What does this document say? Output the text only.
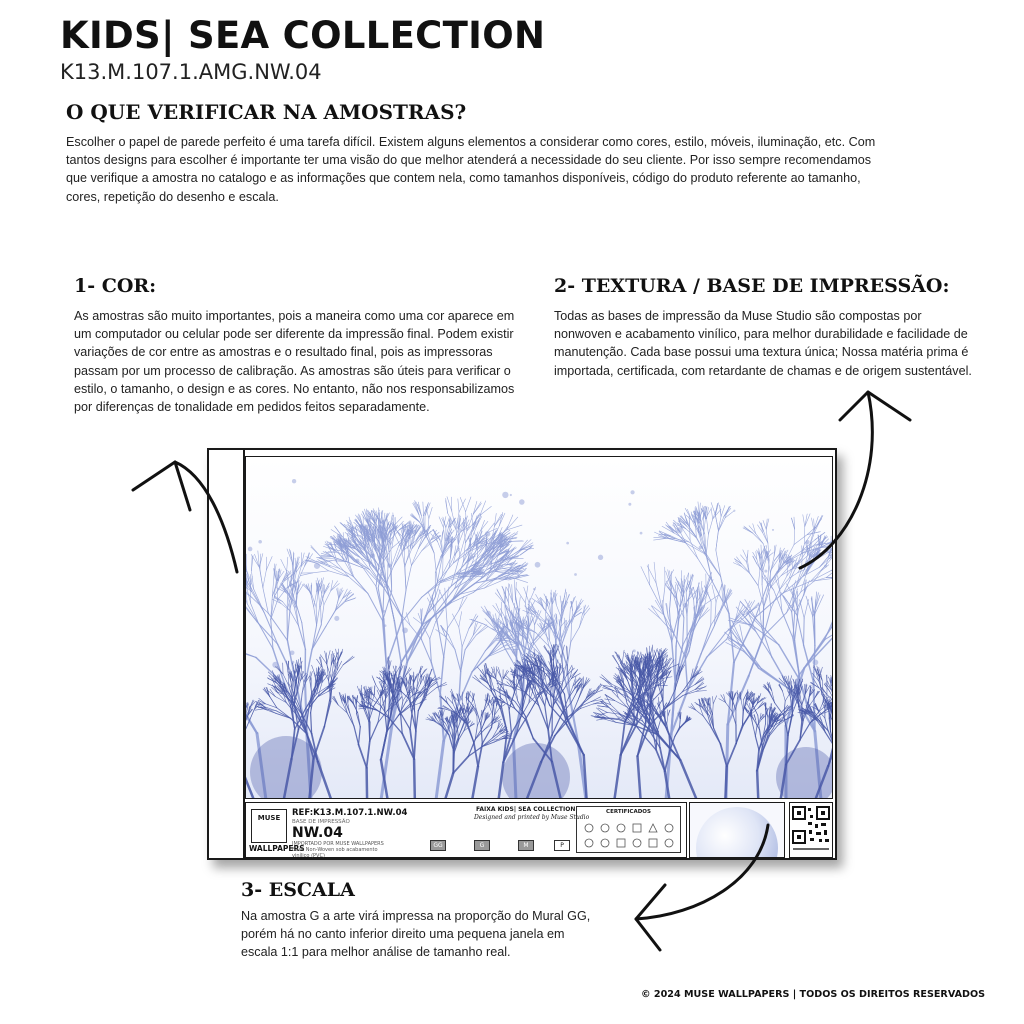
KIDS| SEA COLLECTION
K13.M.107.1.AMG.NW.04
O QUE VERIFICAR NA AMOSTRAS?

Escolher o papel de parede perfeito é uma tarefa difícil. Existem alguns elementos a considerar como cores, estilo, móveis, iluminação, etc. Com tantos designs para escolher é importante ter uma visão do que melhor atenderá a necessidade do seu cliente. Por isso sempre recomendamos que verifique a amostra no catalogo e as informações que contem nela, como tamanhos disponíveis, código do produto referente ao tamanho, cores, repetição do desenho e escala.

1- COR:

As amostras são muito importantes, pois a maneira como uma cor aparece em um computador ou celular pode ser diferente da impressão final. Podem existir variações de cor entre as amostras e o resultado final, pois as impressoras passam por um processo de calibração. As amostras são úteis para verificar o estilo, o tamanho, o design e as cores. No entanto, não nos responsabilizamos por diferenças de tonalidade em pedidos feitos separadamente.

2- TEXTURA / BASE DE IMPRESSÃO:

Todas as bases de impressão da Muse Studio são compostas por nonwoven e acabamento vinílico, para melhor durabilidade e facilidade de manutenção. Cada base possui uma textura única; Nossa matéria prima é importada, certificada, com retardante de chamas e de origem sustentável.

MUSE
WALLPAPERS
REF:K13.M.107.1.NW.04
BASE DE IMPRESSÃO
NW.04
IMPORTADO POR MUSE WALLPAPERS
Base Non-Woven sob acabamento vinílico (PVC)
FAIXA KIDS| SEA COLLECTION
Designed and printed by Muse Studio
GG	G	M	P
CERTIFICADOS
3- ESCALA

Na amostra G a arte virá impressa na proporção do Mural GG, porém há no canto inferior direito uma pequena janela em escala 1:1 para melhor análise de tamanho real.

© 2024 MUSE WALLPAPERS | TODOS OS DIREITOS RESERVADOS
